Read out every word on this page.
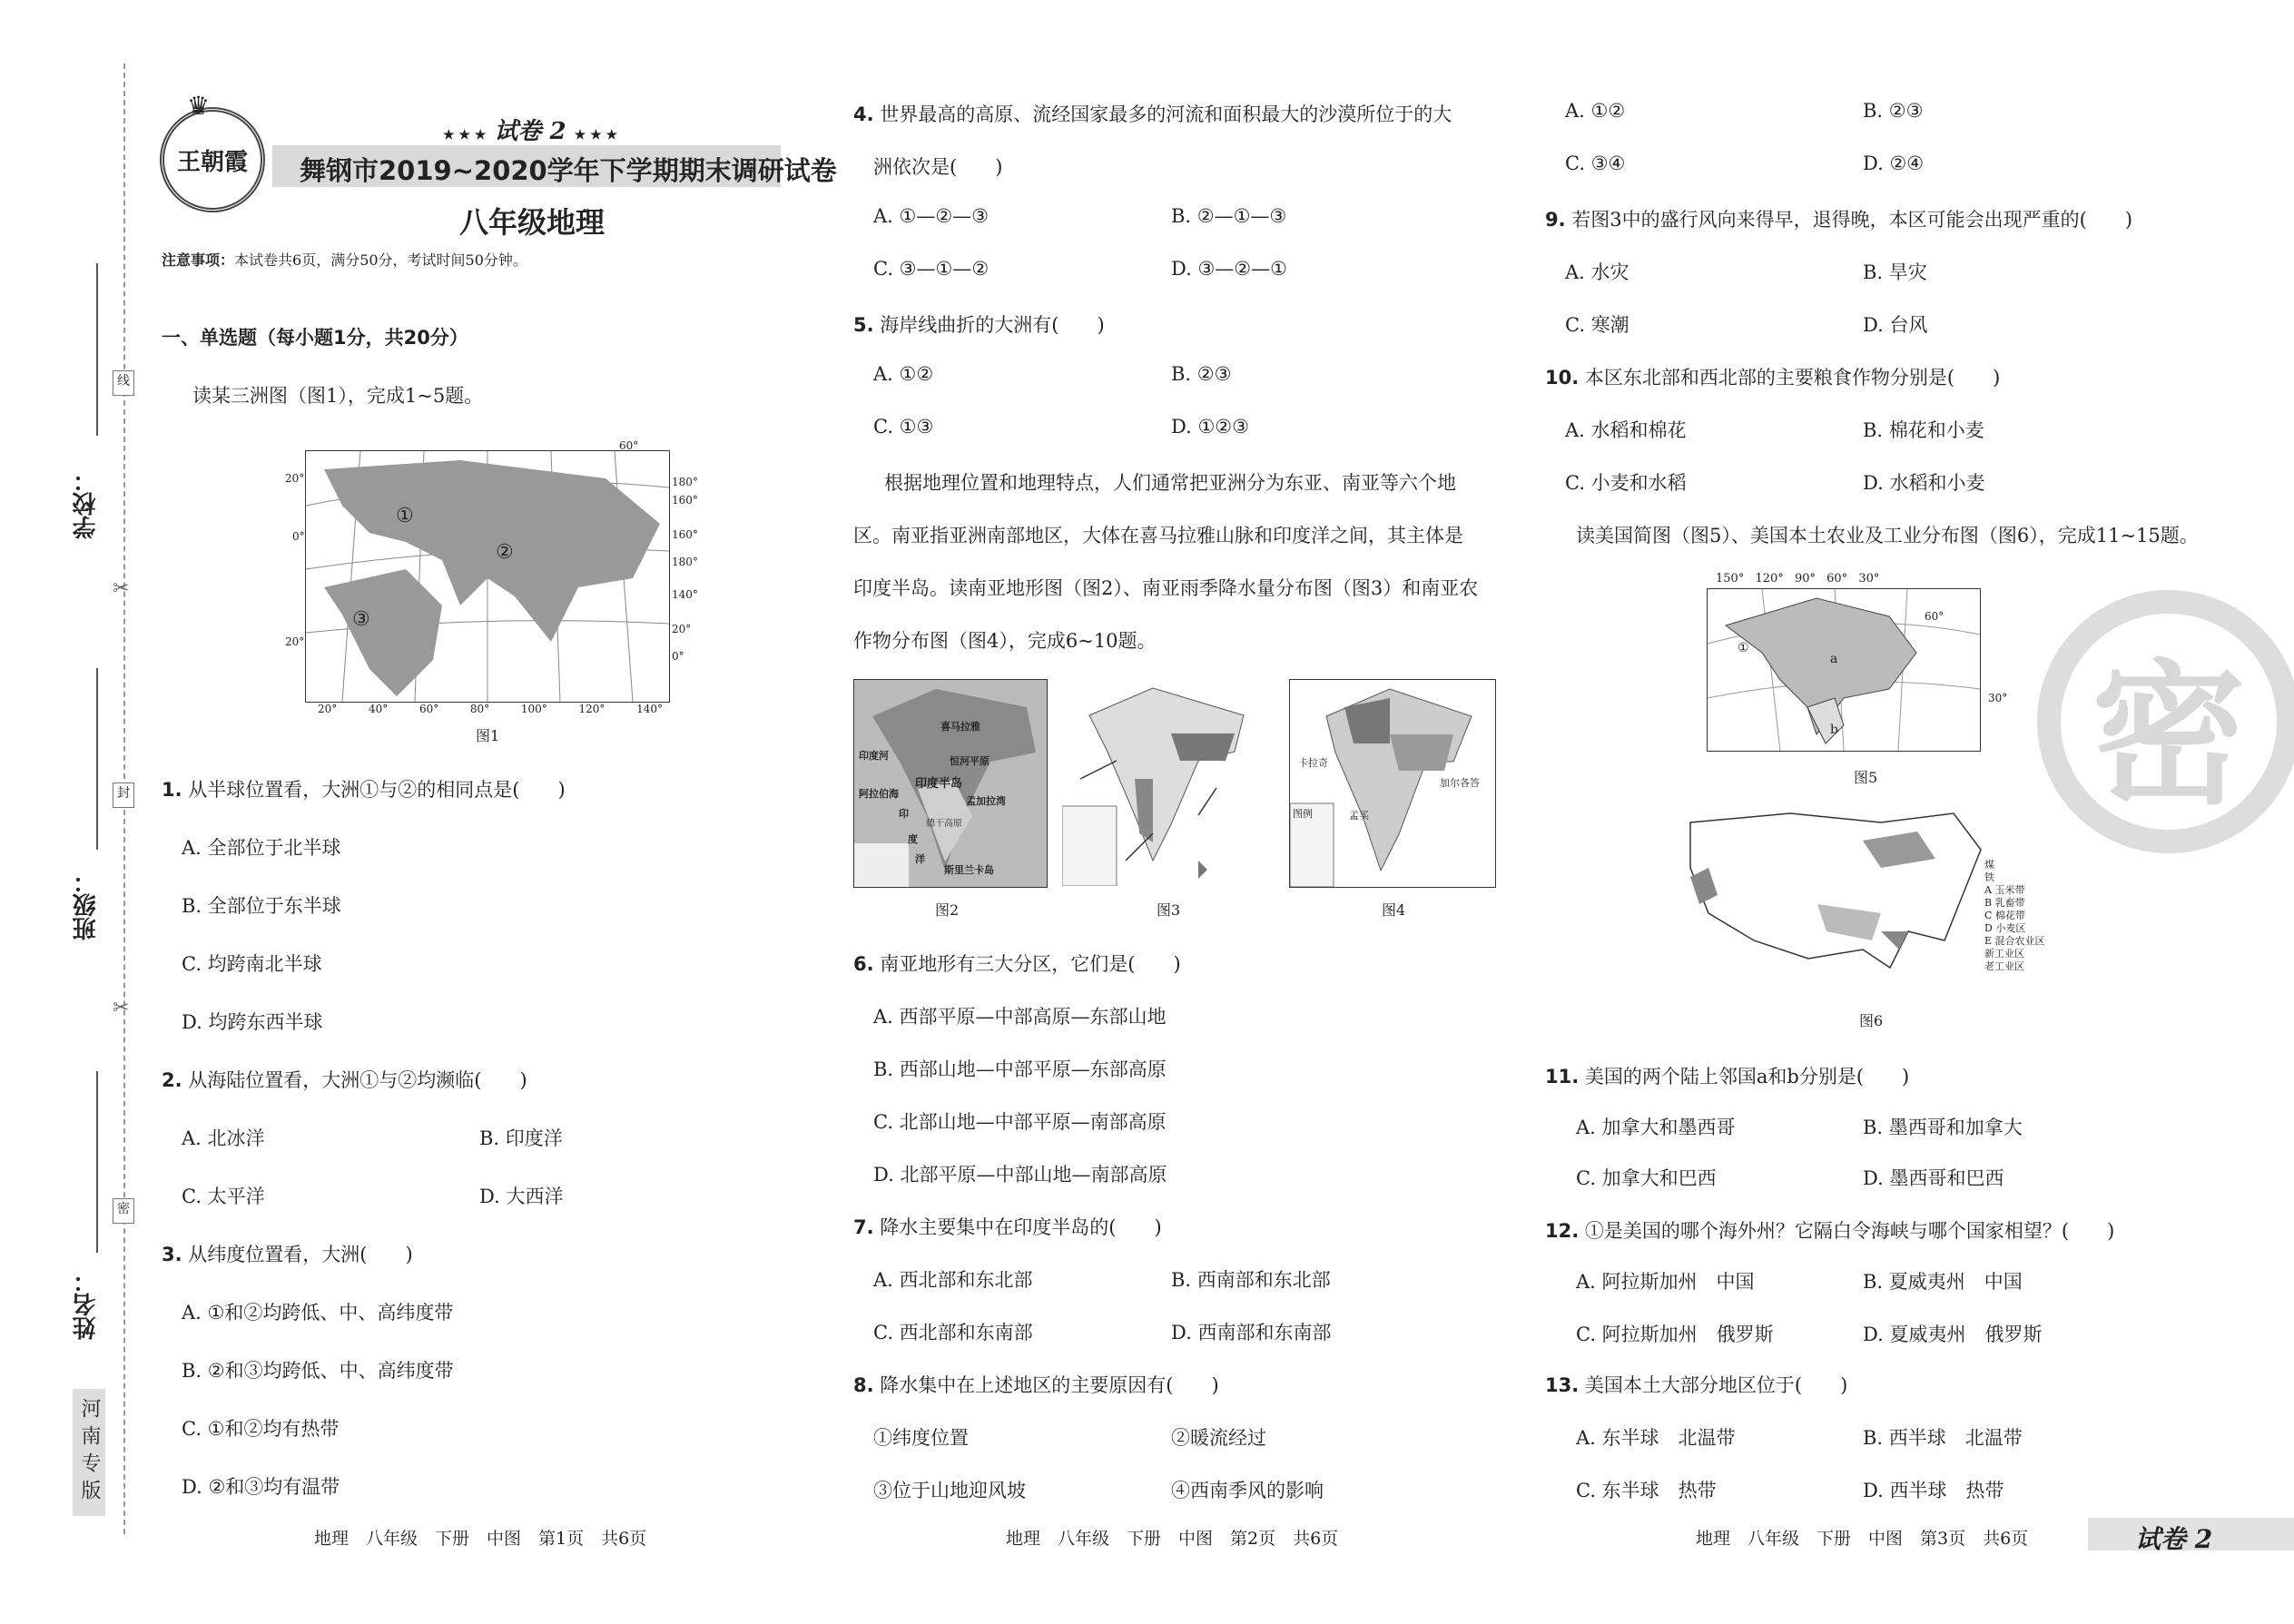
线
封
密
✂
✂
学校：
班级：
姓名：
河南专版
王朝霞
♛
★ ★ ★ 试卷 2 ★ ★ ★
舞钢市2019~2020学年下学期期末调研试卷
八年级地理
注意事项：本试卷共6页，满分50分，考试时间50分钟。
一、单选题（每小题1分，共20分）
读某三洲图（图1），完成1~5题。
①
②
③
60°
20°
0°
20°
180°
160°
160°
180°
140°
20°
0°
20°	40°	60°	80°	100°	120°	140°
图1
1. 从半球位置看，大洲①与②的相同点是(　　)
A. 全部位于北半球
B. 全部位于东半球
C. 均跨南北半球
D. 均跨东西半球
2. 从海陆位置看，大洲①与②均濒临(　　)
A. 北冰洋	B. 印度洋
C. 太平洋	D. 大西洋
3. 从纬度位置看，大洲(　　)
A. ①和②均跨低、中、高纬度带
B. ②和③均跨低、中、高纬度带
C. ①和②均有热带
D. ②和③均有温带
地理　八年级　下册　中图　第1页　共6页
4. 世界最高的高原、流经国家最多的河流和面积最大的沙漠所位于的大
洲依次是(　　)
A. ①—②—③	B. ②—①—③
C. ③—①—②	D. ③—②—①
5. 海岸线曲折的大洲有(　　)
A. ①②	B. ②③
C. ①③	D. ①②③
根据地理位置和地理特点，人们通常把亚洲分为东亚、南亚等六个地
区。南亚指亚洲南部地区，大体在喜马拉雅山脉和印度洋之间，其主体是
印度半岛。读南亚地形图（图2）、南亚雨季降水量分布图（图3）和南亚农
作物分布图（图4），完成6~10题。
喜马拉雅
恒河平原
印度河
阿拉伯海
印度半岛
孟加拉湾
印
度
洋
斯里兰卡岛
德干高原
图2	图3
卡拉奇
加尔各答
孟买
图例
图4
6. 南亚地形有三大分区，它们是(　　)
A. 西部平原—中部高原—东部山地
B. 西部山地—中部平原—东部高原
C. 北部山地—中部平原—南部高原
D. 北部平原—中部山地—南部高原
7. 降水主要集中在印度半岛的(　　)
A. 西北部和东北部	B. 西南部和东北部
C. 西北部和东南部	D. 西南部和东南部
8. 降水集中在上述地区的主要原因有(　　)
①纬度位置	②暖流经过
③位于山地迎风坡	④西南季风的影响
地理　八年级　下册　中图　第2页　共6页
A. ①②	B. ②③
C. ③④	D. ②④
9. 若图3中的盛行风向来得早，退得晚，本区可能会出现严重的(　　)
A. 水灾	B. 旱灾
C. 寒潮	D. 台风
10. 本区东北部和西北部的主要粮食作物分别是(　　)
A. 水稻和棉花	B. 棉花和小麦
C. 小麦和水稻	D. 水稻和小麦
读美国简图（图5）、美国本土农业及工业分布图（图6），完成11~15题。
150° 120° 90° 60° 30°
60°
30°
①
a
b
图5
煤
铁
A 玉米带
B 乳畜带
C 棉花带
D 小麦区
E 混合农业区
新工业区
老工业区
图6
11. 美国的两个陆上邻国a和b分别是(　　)
A. 加拿大和墨西哥	B. 墨西哥和加拿大
C. 加拿大和巴西	D. 墨西哥和巴西
12. ①是美国的哪个海外州？它隔白令海峡与哪个国家相望？(　　)
A. 阿拉斯加州　中国	B. 夏威夷州　中国
C. 阿拉斯加州　俄罗斯	D. 夏威夷州　俄罗斯
13. 美国本土大部分地区位于(　　)
A. 东半球　北温带	B. 西半球　北温带
C. 东半球　热带	D. 西半球　热带
地理　八年级　下册　中图　第3页　共6页	试卷 2
密
